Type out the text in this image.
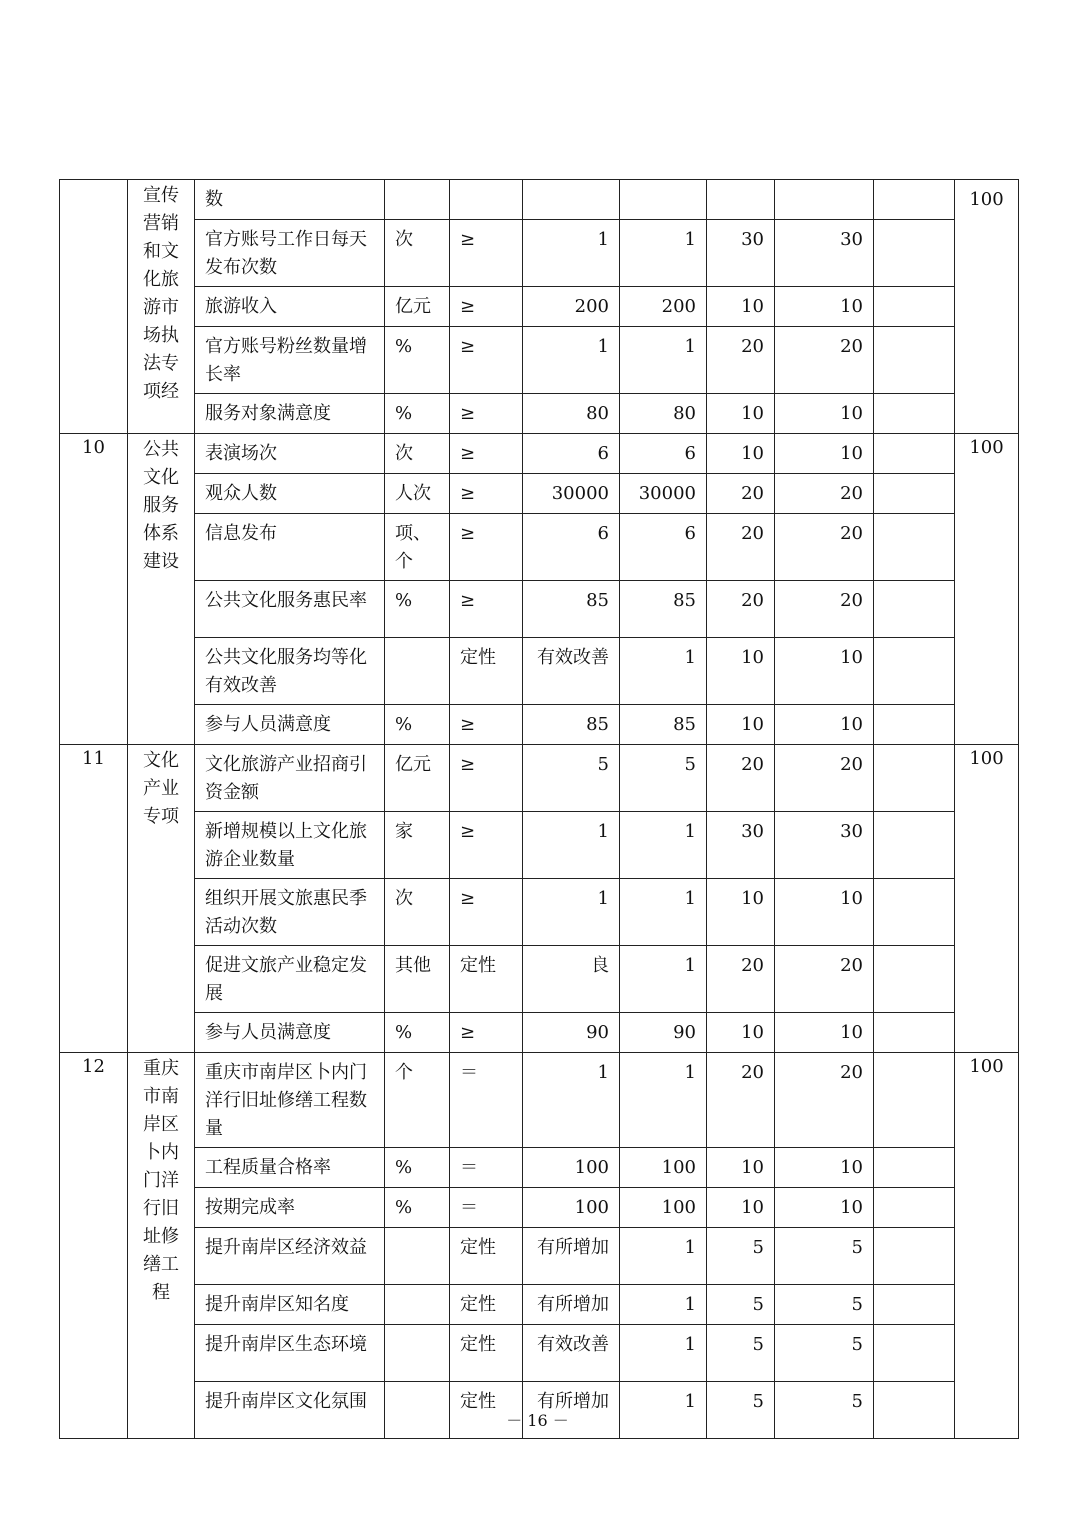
	宣传营销和文化旅游市场执法专项经	数								100

		官方账号工作日每天发布次数	次	≥	1	1	30	30		

		旅游收入	亿元	≥	200	200	10	10		

		官方账号粉丝数量增长率	%	≥	1	1	20	20		

		服务对象满意度	%	≥	80	80	10	10		

10	公共文化服务体系建设	表演场次	次	≥	6	6	10	10		100

		观众人数	人次	≥	30000	30000	20	20		

		信息发布	项、个	≥	6	6	20	20		

		公共文化服务惠民率	%	≥	85	85	20	20		

		公共文化服务均等化有效改善		定性	有效改善	1	10	10		

		参与人员满意度	%	≥	85	85	10	10		

11	文化产业专项	文化旅游产业招商引资金额	亿元	≥	5	5	20	20		100

		新增规模以上文化旅游企业数量	家	≥	1	1	30	30		

		组织开展文旅惠民季活动次数	次	≥	1	1	10	10		

		促进文旅产业稳定发展	其他	定性	良	1	20	20		

		参与人员满意度	%	≥	90	90	10	10		

12	重庆市南岸区卜内门洋行旧址修缮工程	重庆市南岸区卜内门洋行旧址修缮工程数量	个	＝	1	1	20	20		100

		工程质量合格率	%	＝	100	100	10	10		

		按期完成率	%	＝	100	100	10	10		

		提升南岸区经济效益		定性	有所增加	1	5	5		

		提升南岸区知名度		定性	有所增加	1	5	5		

		提升南岸区生态环境		定性	有效改善	1	5	5		

		提升南岸区文化氛围		定性	有所增加	1	5	5		

－ 16 －
